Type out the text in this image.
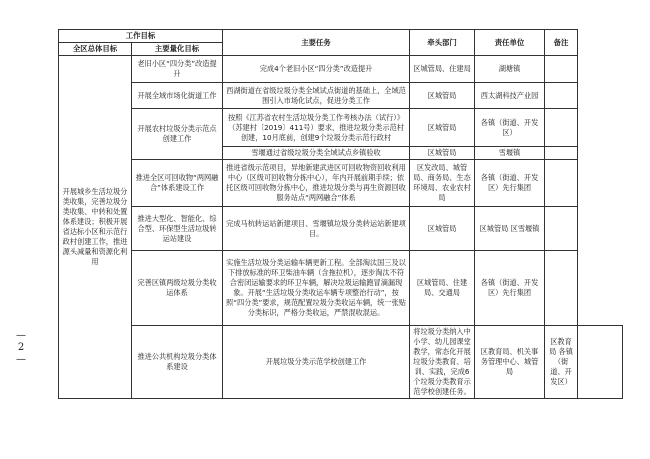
—
2
—
工作目标		主要任务	牵头部门	责任单位	备注	
全区总体目标	主要量化目标					
开展城乡生活垃圾分类收集，完善垃圾分类收集、中转和处置体系建设；积极开展省达标小区和示范行政村创建工作，推进源头减量和资源化利用	老旧小区“四分类”改造提升	完成4个老旧小区“四分类”改造提升	区城管局、住建局	湖塘镇		
	开展全域市场化街道工作	西湖街道在省级垃圾分类全域试点街道的基础上，全域范围引入市场化试点，促进分类工作	区城管局	西太湖科技产业园		
	开展农村垃圾分类示范点创建工作	按照《江苏省农村生活垃圾分类工作考核办法（试行）》（苏建村〔2019〕411号）要求，推进垃圾分类示范村创建，10月底前，创建9个垃圾分类示范行政村	区城管局	各镇（街道、开发区）		
		雪堰通过省级垃圾分类全域试点乡镇验收	区城管局	雪堰镇		
	推进全区可回收物“两网融合”体系建设工作	推进省级示范项目，异地新建武进区可回收物资回收利用中心（区级可回收物分拣中心），年内开展前期手续；依托区级可回收物分拣中心，推进垃圾分类与再生资源回收服务站点“两网融合”体系	区发改局、城管局、商务局、生态环境局、农业农村局	各镇（街道、开发区）先行集团		
	推进大型化、智能化、综合型、环保型生活垃圾转运站建设	完成马杭转运站新建项目、雪堰镇垃圾分类转运站新建项目。	区城管局	区城管局 区雪堰镇		
	完善区镇两级垃圾分类收运体系	实施生活垃圾分类运输车辆更新工程。全部淘汰国三及以下排放标准的环卫柴油车辆（含拖拉机），逐步淘汰不符合密闭运输要求的环卫车辆，解决垃圾运输跑冒滴漏现象。开展“生活垃圾分类收运车辆专项整治行动”，按照“四分类”要求，规范配置垃圾分类收运车辆，统一张贴分类标识，严格分类收运，严禁混收混运。	区城管局、住建局、交通局	各镇（街道、开发区）先行集团		
	推进公共机构垃圾分类体系建设	开展垃圾分类示范学校创建工作	将垃圾分类纳入中小学、幼儿园课堂教学，常态化开展垃圾分类教育、培训、实践，完成6个垃圾分类教育示范学校创建任务。	区教育局、机关事务管理中心、城管局	区教育局 各镇（街道、开发区）	
